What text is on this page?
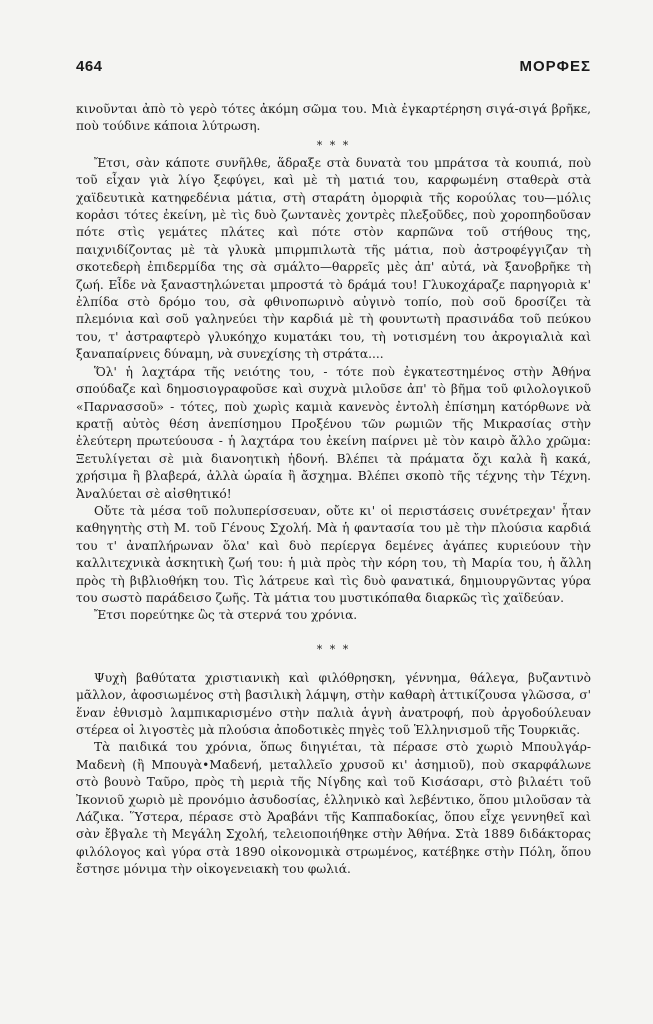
464	ΜΟΡΦΕΣ

κινοῦνται ἀπὸ τὸ γερὸ τότες ἀκόμη σῶμα του. Μιὰ ἐγκαρτέρηση σιγά-σιγά βρῆκε, ποὺ τούδινε κάποια λύτρωση.

* * *

Ἔτσι, σὰν κάποτε συνῆλθε, ἅδραξε στὰ δυνατὰ του μπράτσα τὰ κουπιά, ποὺ τοῦ εἶχαν γιὰ λίγο ξεφύγει, καὶ μὲ τὴ ματιά του, καρφωμένη σταθερὰ στὰ χαϊδευτικὰ κατηφεδένια μάτια, στὴ σταράτη ὀμορφιὰ τῆς κορούλας του—μόλις κορἀσι τότες ἐκείνη, μὲ τὶς δυὸ ζωντανὲς χοντρὲς πλεξοῦδες, ποὺ χοροπηδοῦσαν πότε στὶς γεμάτες πλάτες καὶ πότε στὸν καρπῶνα τοῦ στήθους της, παιχνιδίζοντας μὲ τὰ γλυκὰ μπιρμπιλωτὰ τῆς μάτια, ποὺ ἀστροφέγγιζαν τὴ σκοτεδερὴ ἐπιδερμίδα της σὰ σμάλτο—θαρρεῖς μὲς ἀπ' αὐτά, νὰ ξανοβρῆκε τὴ ζωή. Εἶδε νὰ ξαναστηλώνεται μπροστά τὸ δράμά του! Γλυκοχάραζε παρηγοριὰ κ' ἐλπίδα στὸ δρόμο του, σὰ φθινοπωρινὸ αὐγινὸ τοπίο, ποὺ σοῦ δροσίζει τὰ πλεμόνια καὶ σοῦ γαληνεύει τὴν καρδιά μὲ τὴ φουντωτὴ πρασινάδα τοῦ πεύκου του, τ' ἀστραφτερὸ γλυκόηχο κυματάκι του, τὴ νοτισμένη του ἀκρογιαλιὰ καὶ ξαναπαίρνεις δύναμη, νὰ συνεχίσης τὴ στράτα....

Ὅλ' ἡ λαχτάρα τῆς νειότης του, - τότε ποὺ ἐγκατεστημένος στὴν Ἀθήνα σπούδαζε καὶ δημοσιογραφοῦσε καὶ συχνὰ μιλοῦσε ἀπ' τὸ βῆμα τοῦ φιλολογικοῦ «Παρνασσοῦ» - τότες, ποὺ χωρὶς καμιὰ κανενὸς ἐντολὴ ἐπίσημη κατόρθωνε νὰ κρατῇ αὐτὸς θέση ἀνεπίσημου Προξένου τῶν ρωμιῶν τῆς Μικρασίας στὴν ἐλεύτερη πρωτεύουσα - ἡ λαχτάρα του ἐκείνη παίρνει μὲ τὸν καιρὸ ἄλλο χρῶμα: Ξετυλίγεται σὲ μιὰ διανοητικὴ ἡδονή. Βλέπει τὰ πράματα ὄχι καλὰ ἢ κακά, χρήσιμα ἢ βλαβερά, ἀλλὰ ὡραία ἢ ἄσχημα. Βλέπει σκοπὸ τῆς τέχνης τὴν Τέχνη. Ἀναλύεται σὲ αἰσθητικό!

Οὔτε τὰ μέσα τοῦ πολυπερίσσευαν, οὔτε κι' οἱ περιστάσεις συνέτρεχαν' ἦταν καθηγητὴς στὴ Μ. τοῦ Γένους Σχολή. Μὰ ἡ φαντασία του μὲ τὴν πλούσια καρδιά του τ' ἀναπλήρωναν ὅλα' καὶ δυὸ περίεργα δεμένες ἀγάπες κυριεύουν τὴν καλλιτεχνικὰ ἀσκητικὴ ζωή του: ἡ μιὰ πρὸς τὴν κόρη του, τὴ Μαρία του, ἡ ἄλλη πρὸς τὴ βιβλιοθήκη του. Τὶς λάτρευε καὶ τὶς δυὸ φανατικά, δημιουργῶντας γύρα του σωστὸ παράδεισο ζωῆς. Τὰ μάτια του μυστικόπαθα διαρκῶς τὶς χαϊδεύαν.

Ἔτσι πορεύτηκε ὣς τὰ στερνά του χρόνια.

* * *

Ψυχὴ βαθύτατα χριστιανικὴ καὶ φιλόθρησκη, γέννημα, θάλεγα, βυζαντινὸ μᾶλλον, ἀφοσιωμένος στὴ βασιλικὴ λάμψη, στὴν καθαρὴ ἀττικίζουσα γλῶσσα, σ' ἕναν ἐθνισμὸ λαμπικαρισμένο στὴν παλιὰ ἁγνὴ ἀνατροφή, ποὺ ἀργοδούλευαν στέρεα οἱ λιγοστὲς μὰ πλούσια ἀποδοτικὲς πηγὲς τοῦ Ἑλληνισμοῦ τῆς Τουρκιᾶς.

Τὰ παιδικά του χρόνια, ὅπως διηγιέται, τὰ πέρασε στὸ χωριὸ Μπουλγάρ-Μαδενὴ (ἢ Μπουγὰ•Μαδενή, μεταλλεῖο χρυσοῦ κι' ἀσημιοῦ), ποὺ σκαρφάλωνε στὸ βουνὸ Ταῦρο, πρὸς τὴ μεριὰ τῆς Νίγδης καὶ τοῦ Κισάσαρι, στὸ βιλαέτι τοῦ Ἰκονιοῦ χωριὸ μὲ προνόμιο ἀσυδοσίας, ἑλληνικὸ καὶ λεβέντικο, ὅπου μιλοῦσαν τὰ Λάζικα. Ὕστερα, πέρασε στὸ Ἀραβάνι τῆς Καππαδοκίας, ὅπου εἶχε γεννηθεῖ καὶ σὰν ἔβγαλε τὴ Μεγάλη Σχολή, τελειοποιήθηκε στὴν Ἀθήνα. Στὰ 1889 διδάκτορας φιλόλογος καὶ γύρα στὰ 1890 οἰκονομικὰ στρωμένος, κατέβηκε στὴν Πόλη, ὅπου ἔστησε μόνιμα τὴν οἰκογενειακὴ του φωλιά.
